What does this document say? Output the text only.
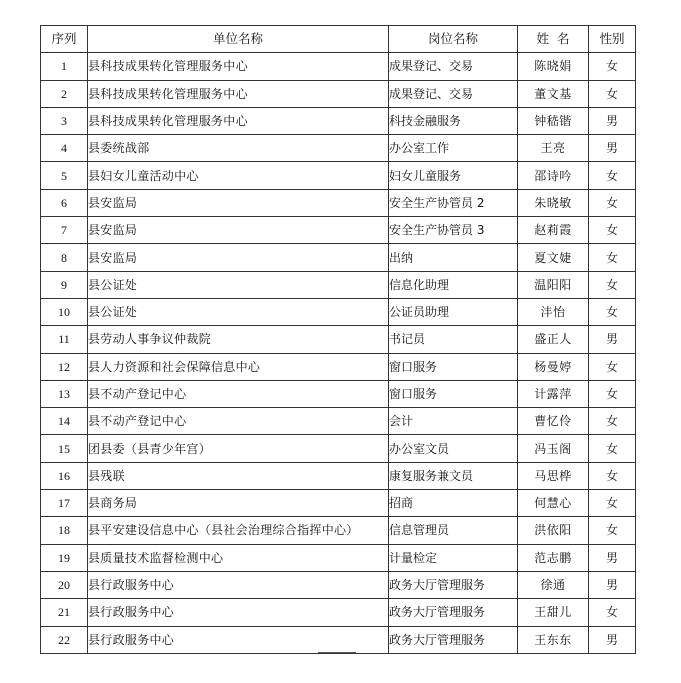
序列	单位名称	岗位名称	姓  名	性别
1	县科技成果转化管理服务中心	成果登记、交易	陈晓娟	女
2	县科技成果转化管理服务中心	成果登记、交易	董文基	女
3	县科技成果转化管理服务中心	科技金融服务	钟嵇锴	男
4	县委统战部	办公室工作	王亮	男
5	县妇女儿童活动中心	妇女儿童服务	邵诗吟	女
6	县安监局	安全生产协管员 2	朱晓敏	女
7	县安监局	安全生产协管员 3	赵莉霞	女
8	县安监局	出纳	夏文婕	女
9	县公证处	信息化助理	温阳阳	女
10	县公证处	公证员助理	沣怡	女
11	县劳动人事争议仲裁院	书记员	盛正人	男
12	县人力资源和社会保障信息中心	窗口服务	杨曼婷	女
13	县不动产登记中心	窗口服务	计露萍	女
14	县不动产登记中心	会计	曹忆伶	女
15	团县委（县青少年宫）	办公室文员	冯玉阁	女
16	县残联	康复服务兼文员	马思桦	女
17	县商务局	招商	何慧心	女
18	县平安建设信息中心（县社会治理综合指挥中心）	信息管理员	洪依阳	女
19	县质量技术监督检测中心	计量检定	范志鹏	男
20	县行政服务中心	政务大厅管理服务	徐通	男
21	县行政服务中心	政务大厅管理服务	王甜儿	女
22	县行政服务中心	政务大厅管理服务	王东东	男
